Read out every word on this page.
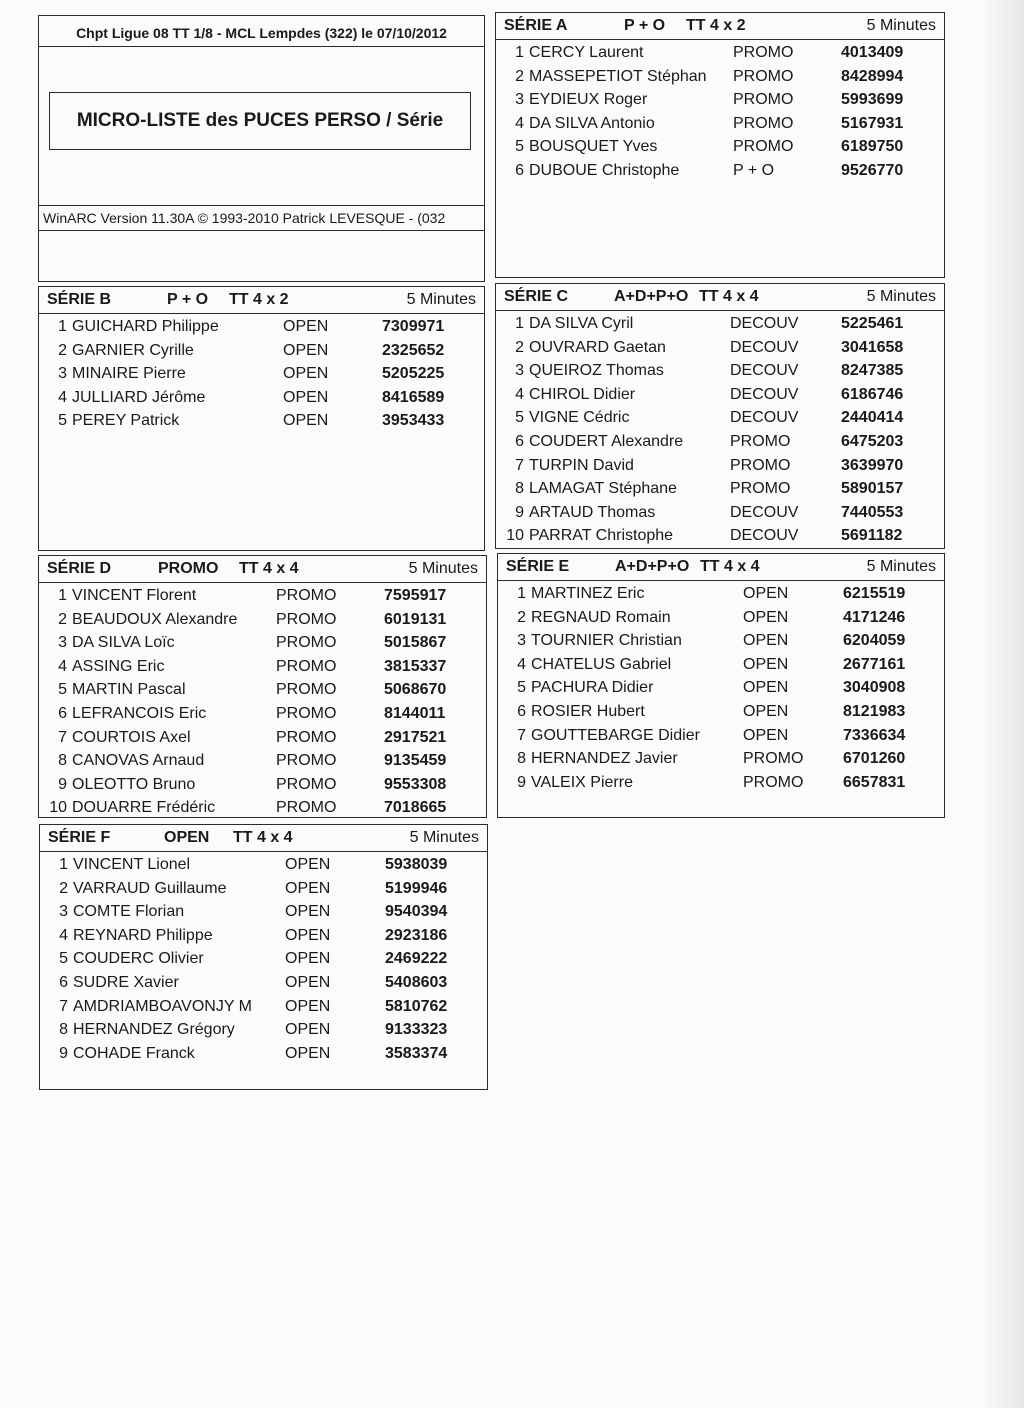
Chpt Ligue 08 TT 1/8 - MCL Lempdes (322) le 07/10/2012
MICRO-LISTE des PUCES PERSO / Série
WinARC Version 11.30A © 1993-2010 Patrick LEVESQUE - (032
SÉRIE A	P + O TT 4 x 2	5 Minutes
1 CERCY Laurent	PROMO	4013409
2 MASSEPETIOT Stéphan PROMO	8428994
3 EYDIEUX Roger	PROMO	5993699
4 DA SILVA Antonio	PROMO	5167931
5 BOUSQUET Yves	PROMO	6189750
6 DUBOUE Christophe	P + O	9526770
SÉRIE B	P + O TT 4 x 2	5 Minutes
1 GUICHARD Philippe	OPEN	7309971
2 GARNIER Cyrille	OPEN	2325652
3 MINAIRE Pierre	OPEN	5205225
4 JULLIARD Jérôme	OPEN	8416589
5 PEREY Patrick	OPEN	3953433
SÉRIE C	A+D+P+O TT 4 x 4	5 Minutes
1 DA SILVA Cyril	DECOUV	5225461
2 OUVRARD Gaetan	DECOUV	3041658
3 QUEIROZ Thomas	DECOUV	8247385
4 CHIROL Didier	DECOUV	6186746
5 VIGNE Cédric	DECOUV	2440414
6 COUDERT Alexandre	PROMO	6475203
7 TURPIN David	PROMO	3639970
8 LAMAGAT Stéphane	PROMO	5890157
9 ARTAUD Thomas	DECOUV	7440553
10 PARRAT Christophe	DECOUV	5691182
SÉRIE D	PROMO TT 4 x 4	5 Minutes
1 VINCENT Florent	PROMO	7595917
2 BEAUDOUX Alexandre PROMO	6019131
3 DA SILVA Loïc	PROMO	5015867
4 ASSING Eric	PROMO	3815337
5 MARTIN Pascal	PROMO	5068670
6 LEFRANCOIS Eric	PROMO	8144011
7 COURTOIS Axel	PROMO	2917521
8 CANOVAS Arnaud	PROMO	9135459
9 OLEOTTO Bruno	PROMO	9553308
10 DOUARRE Frédéric	PROMO	7018665
SÉRIE E	A+D+P+O TT 4 x 4	5 Minutes
1 MARTINEZ Eric	OPEN	6215519
2 REGNAUD Romain	OPEN	4171246
3 TOURNIER Christian	OPEN	6204059
4 CHATELUS Gabriel	OPEN	2677161
5 PACHURA Didier	OPEN	3040908
6 ROSIER Hubert	OPEN	8121983
7 GOUTTEBARGE Didier	OPEN	7336634
8 HERNANDEZ Javier	PROMO 6701260
9 VALEIX Pierre	PROMO 6657831
SÉRIE F	OPEN TT 4 x 4	5 Minutes
1 VINCENT Lionel	OPEN	5938039
2 VARRAUD Guillaume	OPEN	5199946
3 COMTE Florian	OPEN	9540394
4 REYNARD Philippe	OPEN	2923186
5 COUDERC Olivier	OPEN	2469222
6 SUDRE Xavier	OPEN	5408603
7 AMDRIAMBOAVONJY M OPEN	5810762
8 HERNANDEZ Grégory	OPEN	9133323
9 COHADE Franck	OPEN	3583374
